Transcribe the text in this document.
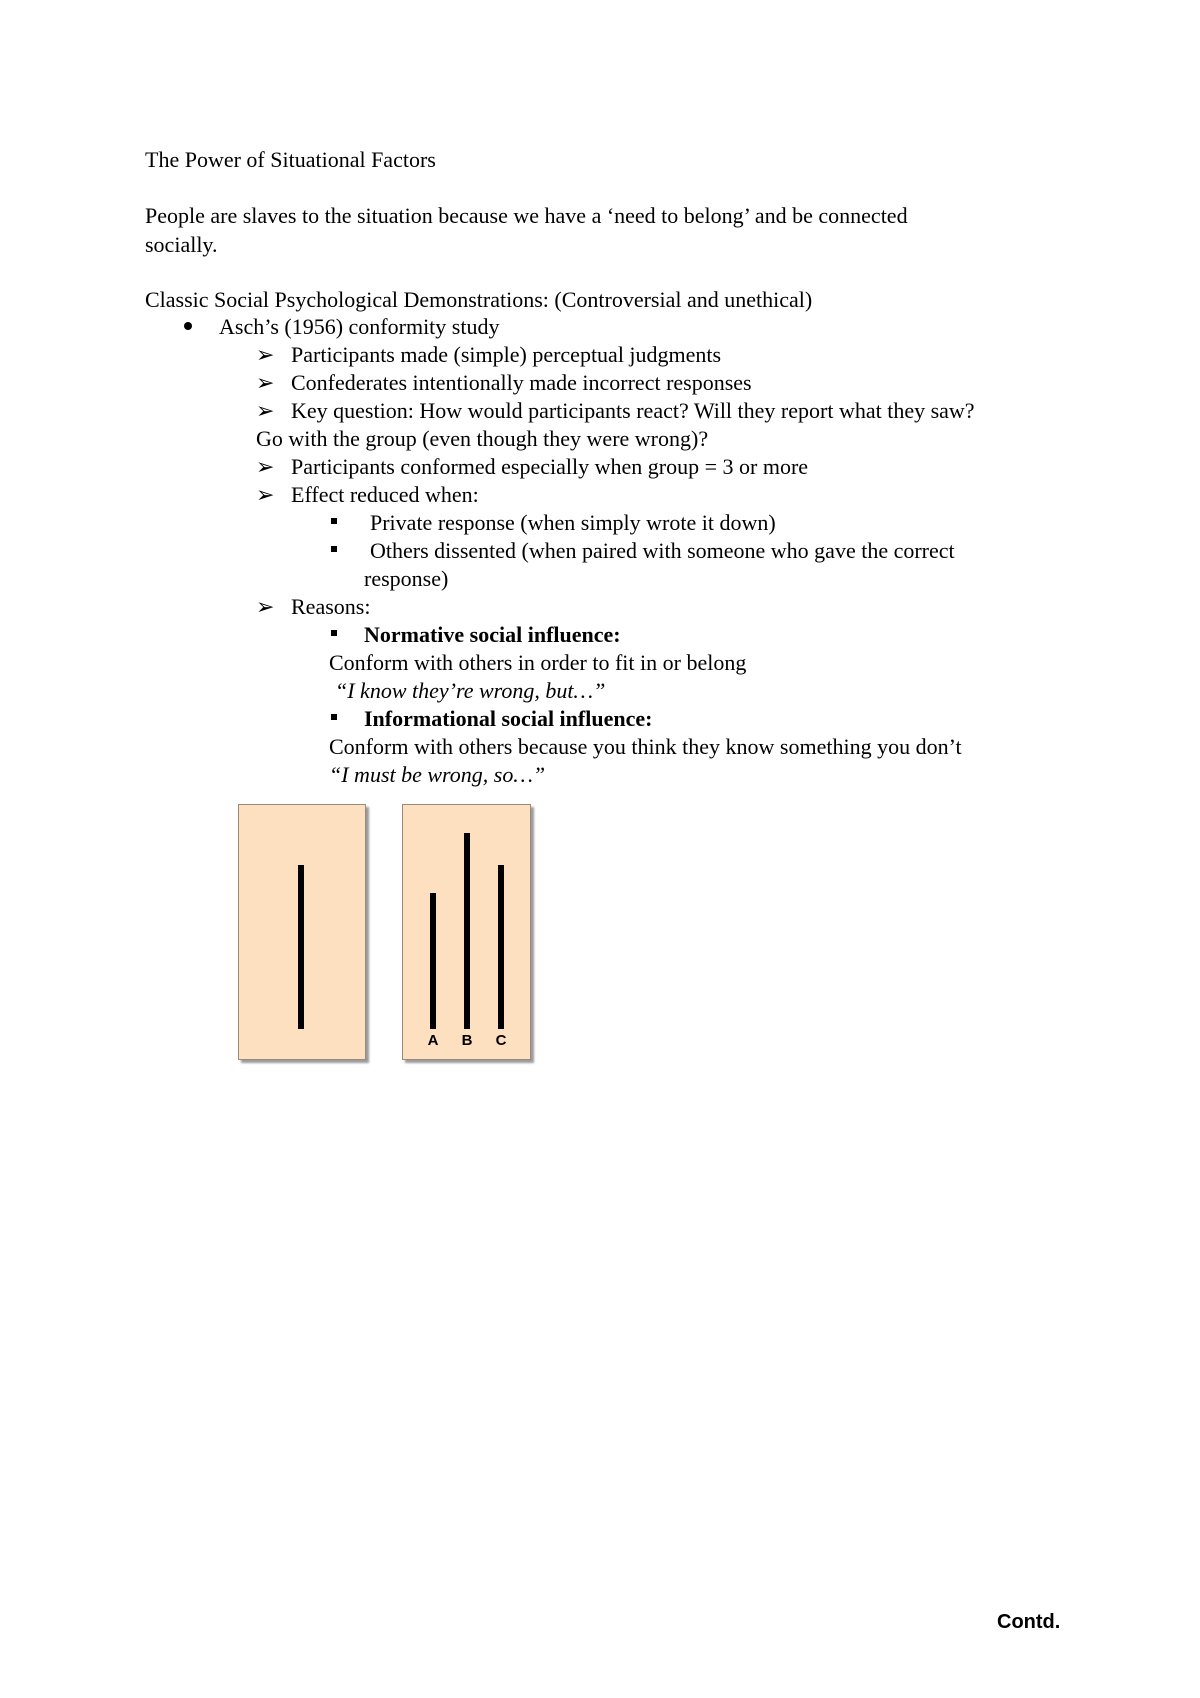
The Power of Situational Factors
People are slaves to the situation because we have a ‘need to belong’ and be connected
socially.
Classic Social Psychological Demonstrations: (Controversial and unethical)
Asch’s (1956) conformity study
➢ Participants made (simple) perceptual judgments
➢ Confederates intentionally made incorrect responses
➢ Key question: How would participants react? Will they report what they saw?
Go with the group (even though they were wrong)?
➢ Participants conformed especially when group = 3 or more
➢ Effect reduced when:
Private response (when simply wrote it down)
Others dissented (when paired with someone who gave the correct
response)
➢ Reasons:
Normative social influence:
Conform with others in order to fit in or belong
“I know they’re wrong, but…”
Informational social influence:
Conform with others because you think they know something you don’t
“I must be wrong, so…”
A	B	C
Contd.
